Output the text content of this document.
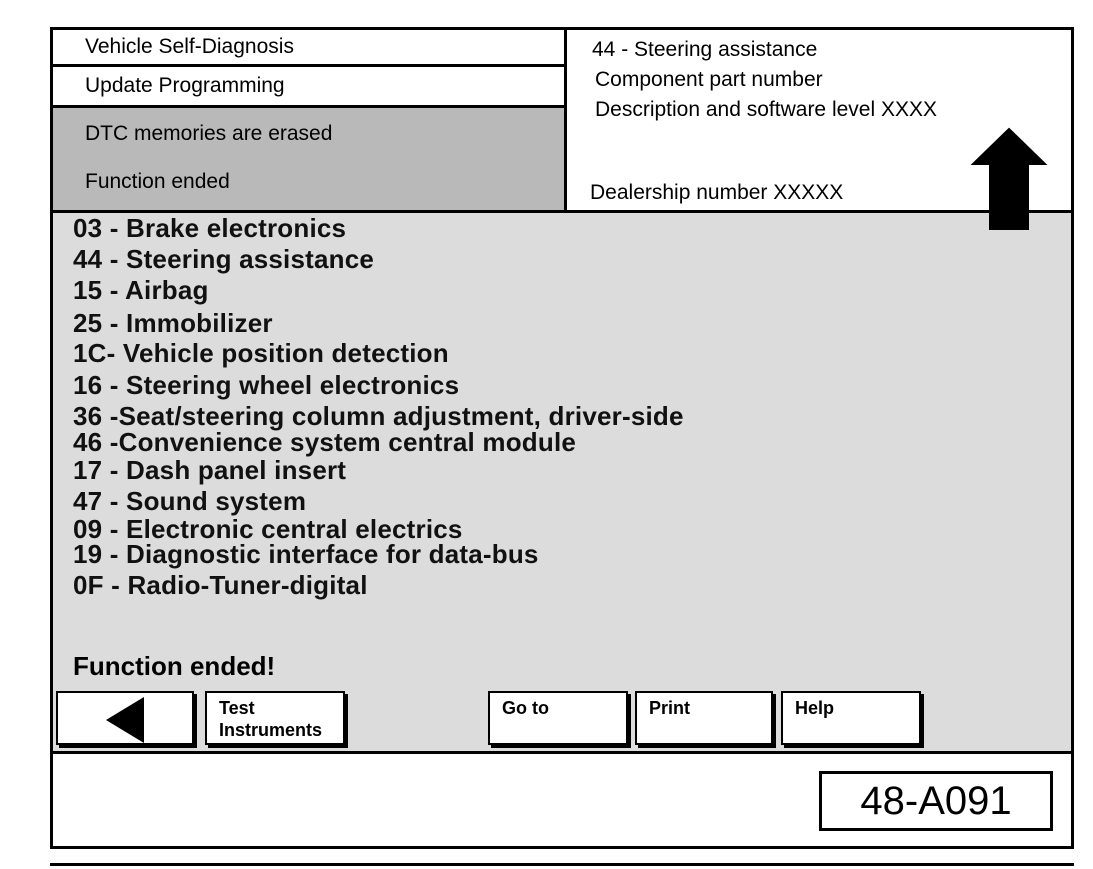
Vehicle Self-Diagnosis
Update Programming
DTC memories are erased
Function ended
44 - Steering assistance
Component part number
Description and software level XXXX
Dealership number XXXXX
03 - Brake electronics
44 - Steering assistance
15 - Airbag
25 - Immobilizer
1C- Vehicle position detection
16 - Steering wheel electronics
36 -Seat/steering column adjustment, driver-side
46 -Convenience system central module
17 - Dash panel insert
47 - Sound system
09 - Electronic central electrics
19 - Diagnostic interface for data-bus
0F - Radio-Tuner-digital
Function ended!
Test
Instruments
Go to	Print	Help
48-A091
